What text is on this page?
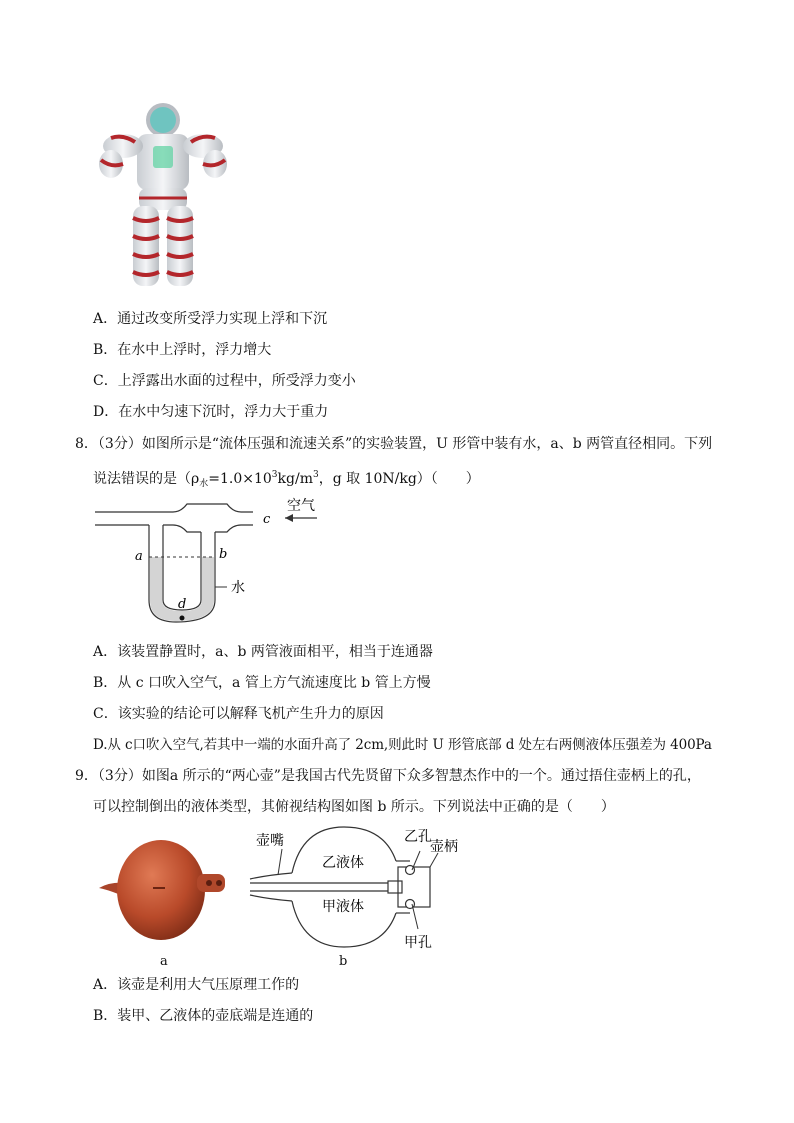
A．通过改变所受浮力实现上浮和下沉
B．在水中上浮时，浮力增大
C．上浮露出水面的过程中，所受浮力变小
D．在水中匀速下沉时，浮力大于重力
8．（3分）如图所示是“流体压强和流速关系”的实验装置，U 形管中装有水，a、b 两管直径相同。下列
说法错误的是（$\rho_水=1.0\times 10^3kg/m^3$，g 取 10N/kg）（　　）
a	b
c
d
空气
水
A．该装置静置时，a、b 两管液面相平，相当于连通器
B．从 c 口吹入空气，a 管上方气流速度比 b 管上方慢
C．该实验的结论可以解释飞机产生升力的原因
D.从 c口吹入空气,若其中一端的水面升高了 2cm,则此时 U 形管底部 d 处左右两侧液体压强差为 400Pa
9．（3分）如图a 所示的“两心壶”是我国古代先贤留下众多智慧杰作中的一个。通过捂住壶柄上的孔，
可以控制倒出的液体类型，其俯视结构图如图 b 所示。下列说法中正确的是（　　）
a
壶嘴
乙液体
甲液体
乙孔
壶柄
甲孔
b
A．该壶是利用大气压原理工作的
B．装甲、乙液体的壶底端是连通的
